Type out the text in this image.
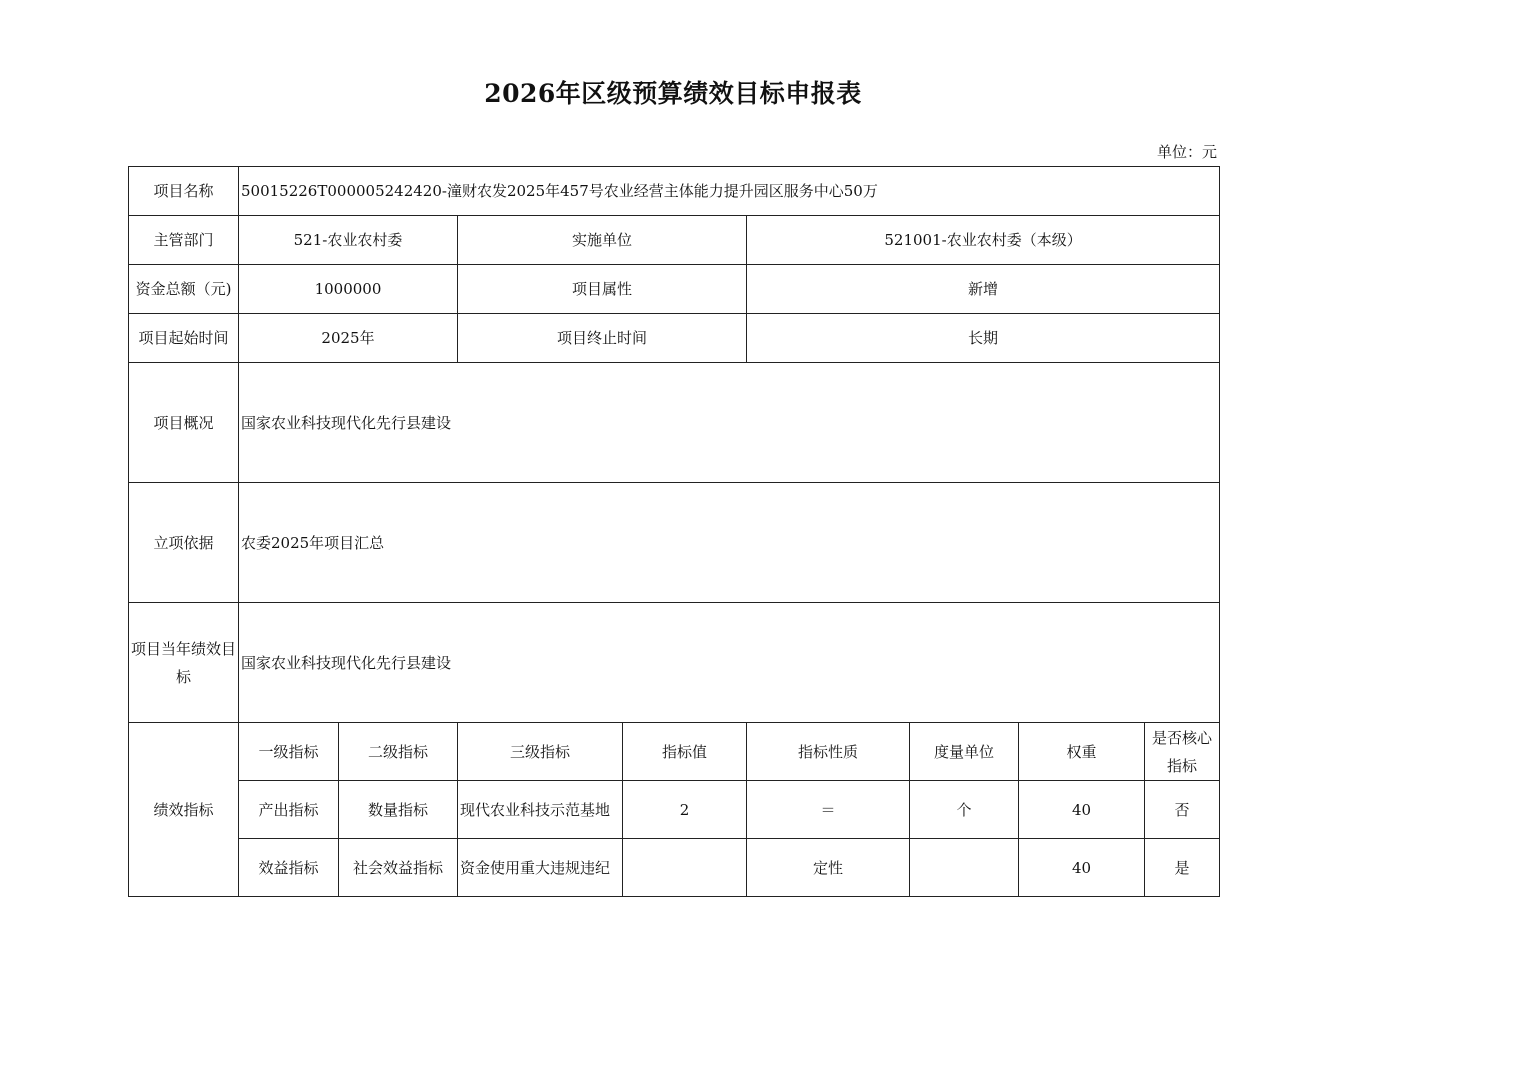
2026年区级预算绩效目标申报表
单位：元
项目名称	50015226T000005242420-潼财农发2025年457号农业经营主体能力提升园区服务中心50万							
主管部门	521-农业农村委		实施单位		521001-农业农村委（本级）			
资金总额（元)	1000000		项目属性		新增			
项目起始时间	2025年		项目终止时间		长期			
项目概况	国家农业科技现代化先行县建设							
立项依据	农委2025年项目汇总							
项目当年绩效目标	国家农业科技现代化先行县建设							
绩效指标	一级指标	二级指标	三级指标	指标值	指标性质	度量单位	权重	是否核心指标
	产出指标	数量指标	现代农业科技示范基地	2	＝	个	40	否
	效益指标	社会效益指标	资金使用重大违规违纪		定性		40	是
